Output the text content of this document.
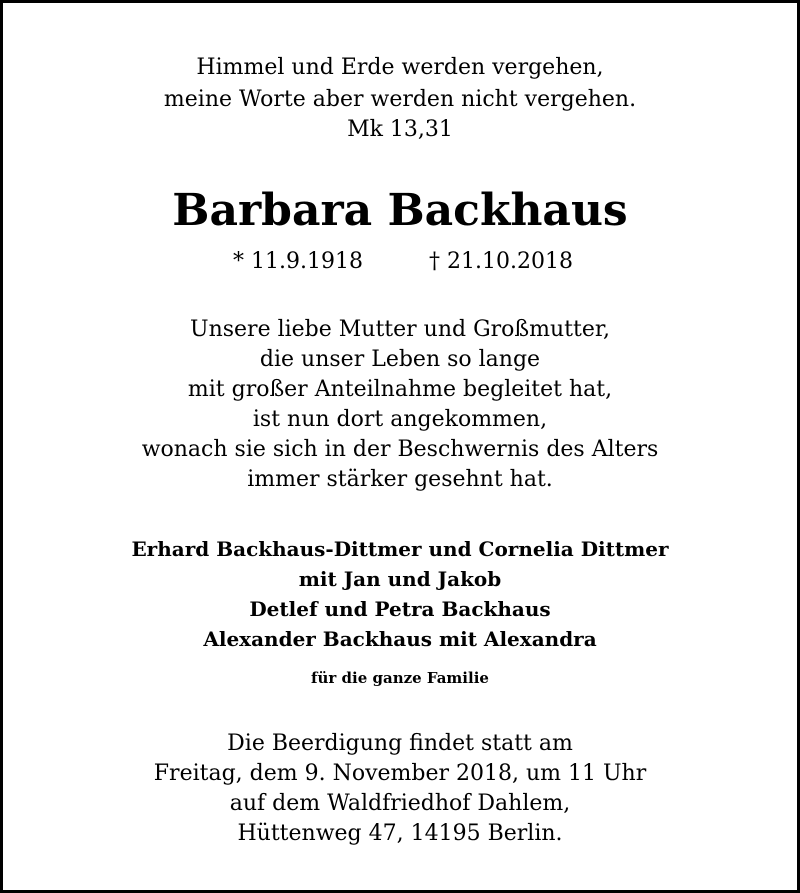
Himmel und Erde werden vergehen,
meine Worte aber werden nicht vergehen.
Mk 13,31
Barbara Backhaus
* 11.9.1918	† 21.10.2018
Unsere liebe Mutter und Großmutter,
die unser Leben so lange
mit großer Anteilnahme begleitet hat,
ist nun dort angekommen,
wonach sie sich in der Beschwernis des Alters
immer stärker gesehnt hat.
Erhard Backhaus-Dittmer und Cornelia Dittmer
mit Jan und Jakob
Detlef und Petra Backhaus
Alexander Backhaus mit Alexandra
für die ganze Familie
Die Beerdigung findet statt am
Freitag, dem 9. November 2018, um 11 Uhr
auf dem Waldfriedhof Dahlem,
Hüttenweg 47, 14195 Berlin.
